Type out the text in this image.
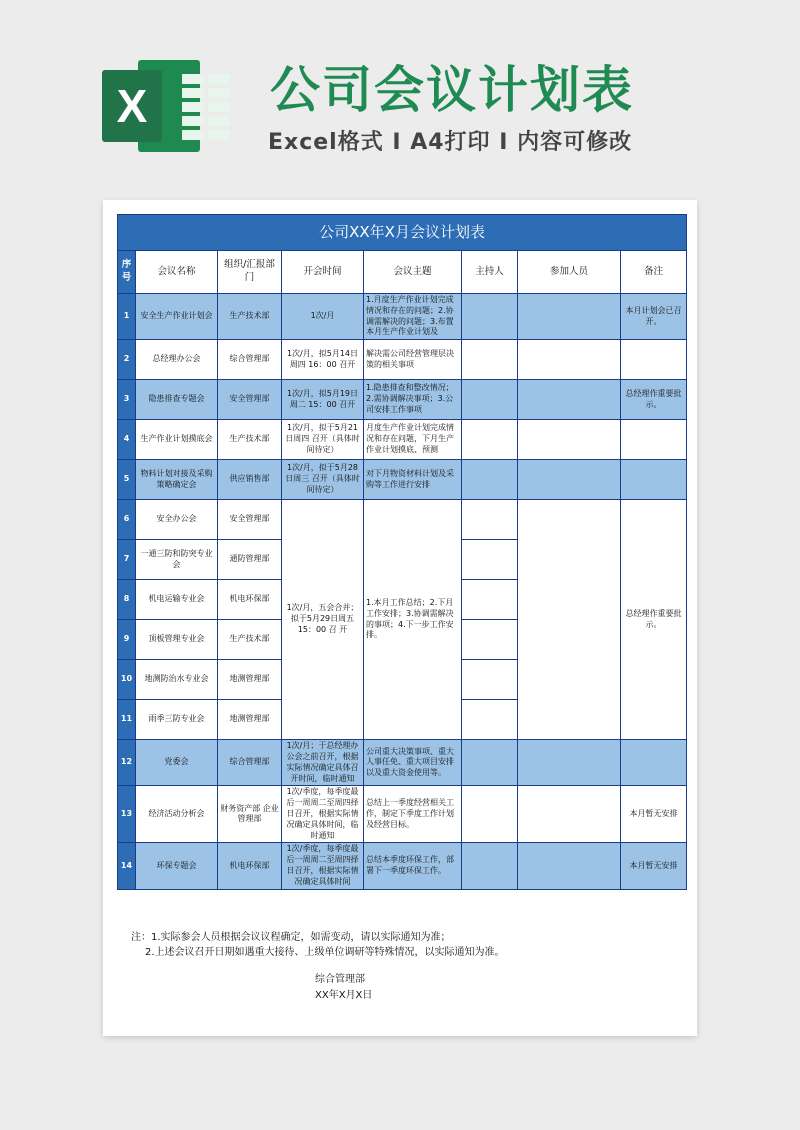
X 公司会议计划表
Excel格式 I A4打印 I 内容可修改
公司XX年X月会议计划表							
序号	会议名称	组织/汇报部门	开会时间	会议主题	主持人	参加人员	备注
1	安全生产作业计划会	生产技术部	1次/月	1.月度生产作业计划完成情况和存在的问题；2.协调需解决的问题；3.布置本月生产作业计划及			本月计划会已召开。
2	总经理办公会	综合管理部	1次/月，拟5月14日周四 16：00 召开	解决需公司经营管理层决策的相关事项			
3	隐患排查专题会	安全管理部	1次/月，拟5月19日周二 15：00 召开	1.隐患排查和整改情况；2.需协调解决事项；3.公司安排工作事项			总经理作重要批示。
4	生产作业计划摸底会	生产技术部	1次/月，拟于5月21日周四 召开（具体时间待定）	月度生产作业计划完成情况和存在问题，下月生产作业计划摸底、预测			
5	物料计划对接及采购策略确定会	供应销售部	1次/月，拟于5月28日周三 召开（具体时间待定）	对下月物资材料计划及采购等工作进行安排			
6	安全办公会	安全管理部	1次/月，五会合并；拟于5月29日周五15：00 召 开	1.本月工作总结；2.下月工作安排；3.协调需解决的事项；4.下一步工作安排。			总经理作重要批示。
7	一通三防和防突专业会	通防管理部					
8	机电运输专业会	机电环保部					
9	顶板管理专业会	生产技术部					
10	地测防治水专业会	地测管理部					
11	雨季三防专业会	地测管理部					
12	党委会	综合管理部	1次/月；于总经理办公会之前召开，根据实际情况确定具体召开时间，临时通知	公司重大决策事项、重大人事任免、重大项目安排以及重大资金使用等。			
13	经济活动分析会	财务资产部 企业管理部	1次/季度，每季度最后一周周二至周四择日召开，根据实际情况确定具体时间，临时通知	总结上一季度经营相关工作，制定下季度工作计划及经营目标。			本月暂无安排
14	环保专题会	机电环保部	1次/季度，每季度最后一周周二至周四择日召开，根据实际情况确定具体时间	总结本季度环保工作，部署下一季度环保工作。			本月暂无安排
注：1.实际参会人员根据会议议程确定，如需变动，请以实际通知为准；
2.上述会议召开日期如遇重大接待、上级单位调研等特殊情况，以实际通知为准。
综合管理部
XX年X月X日
